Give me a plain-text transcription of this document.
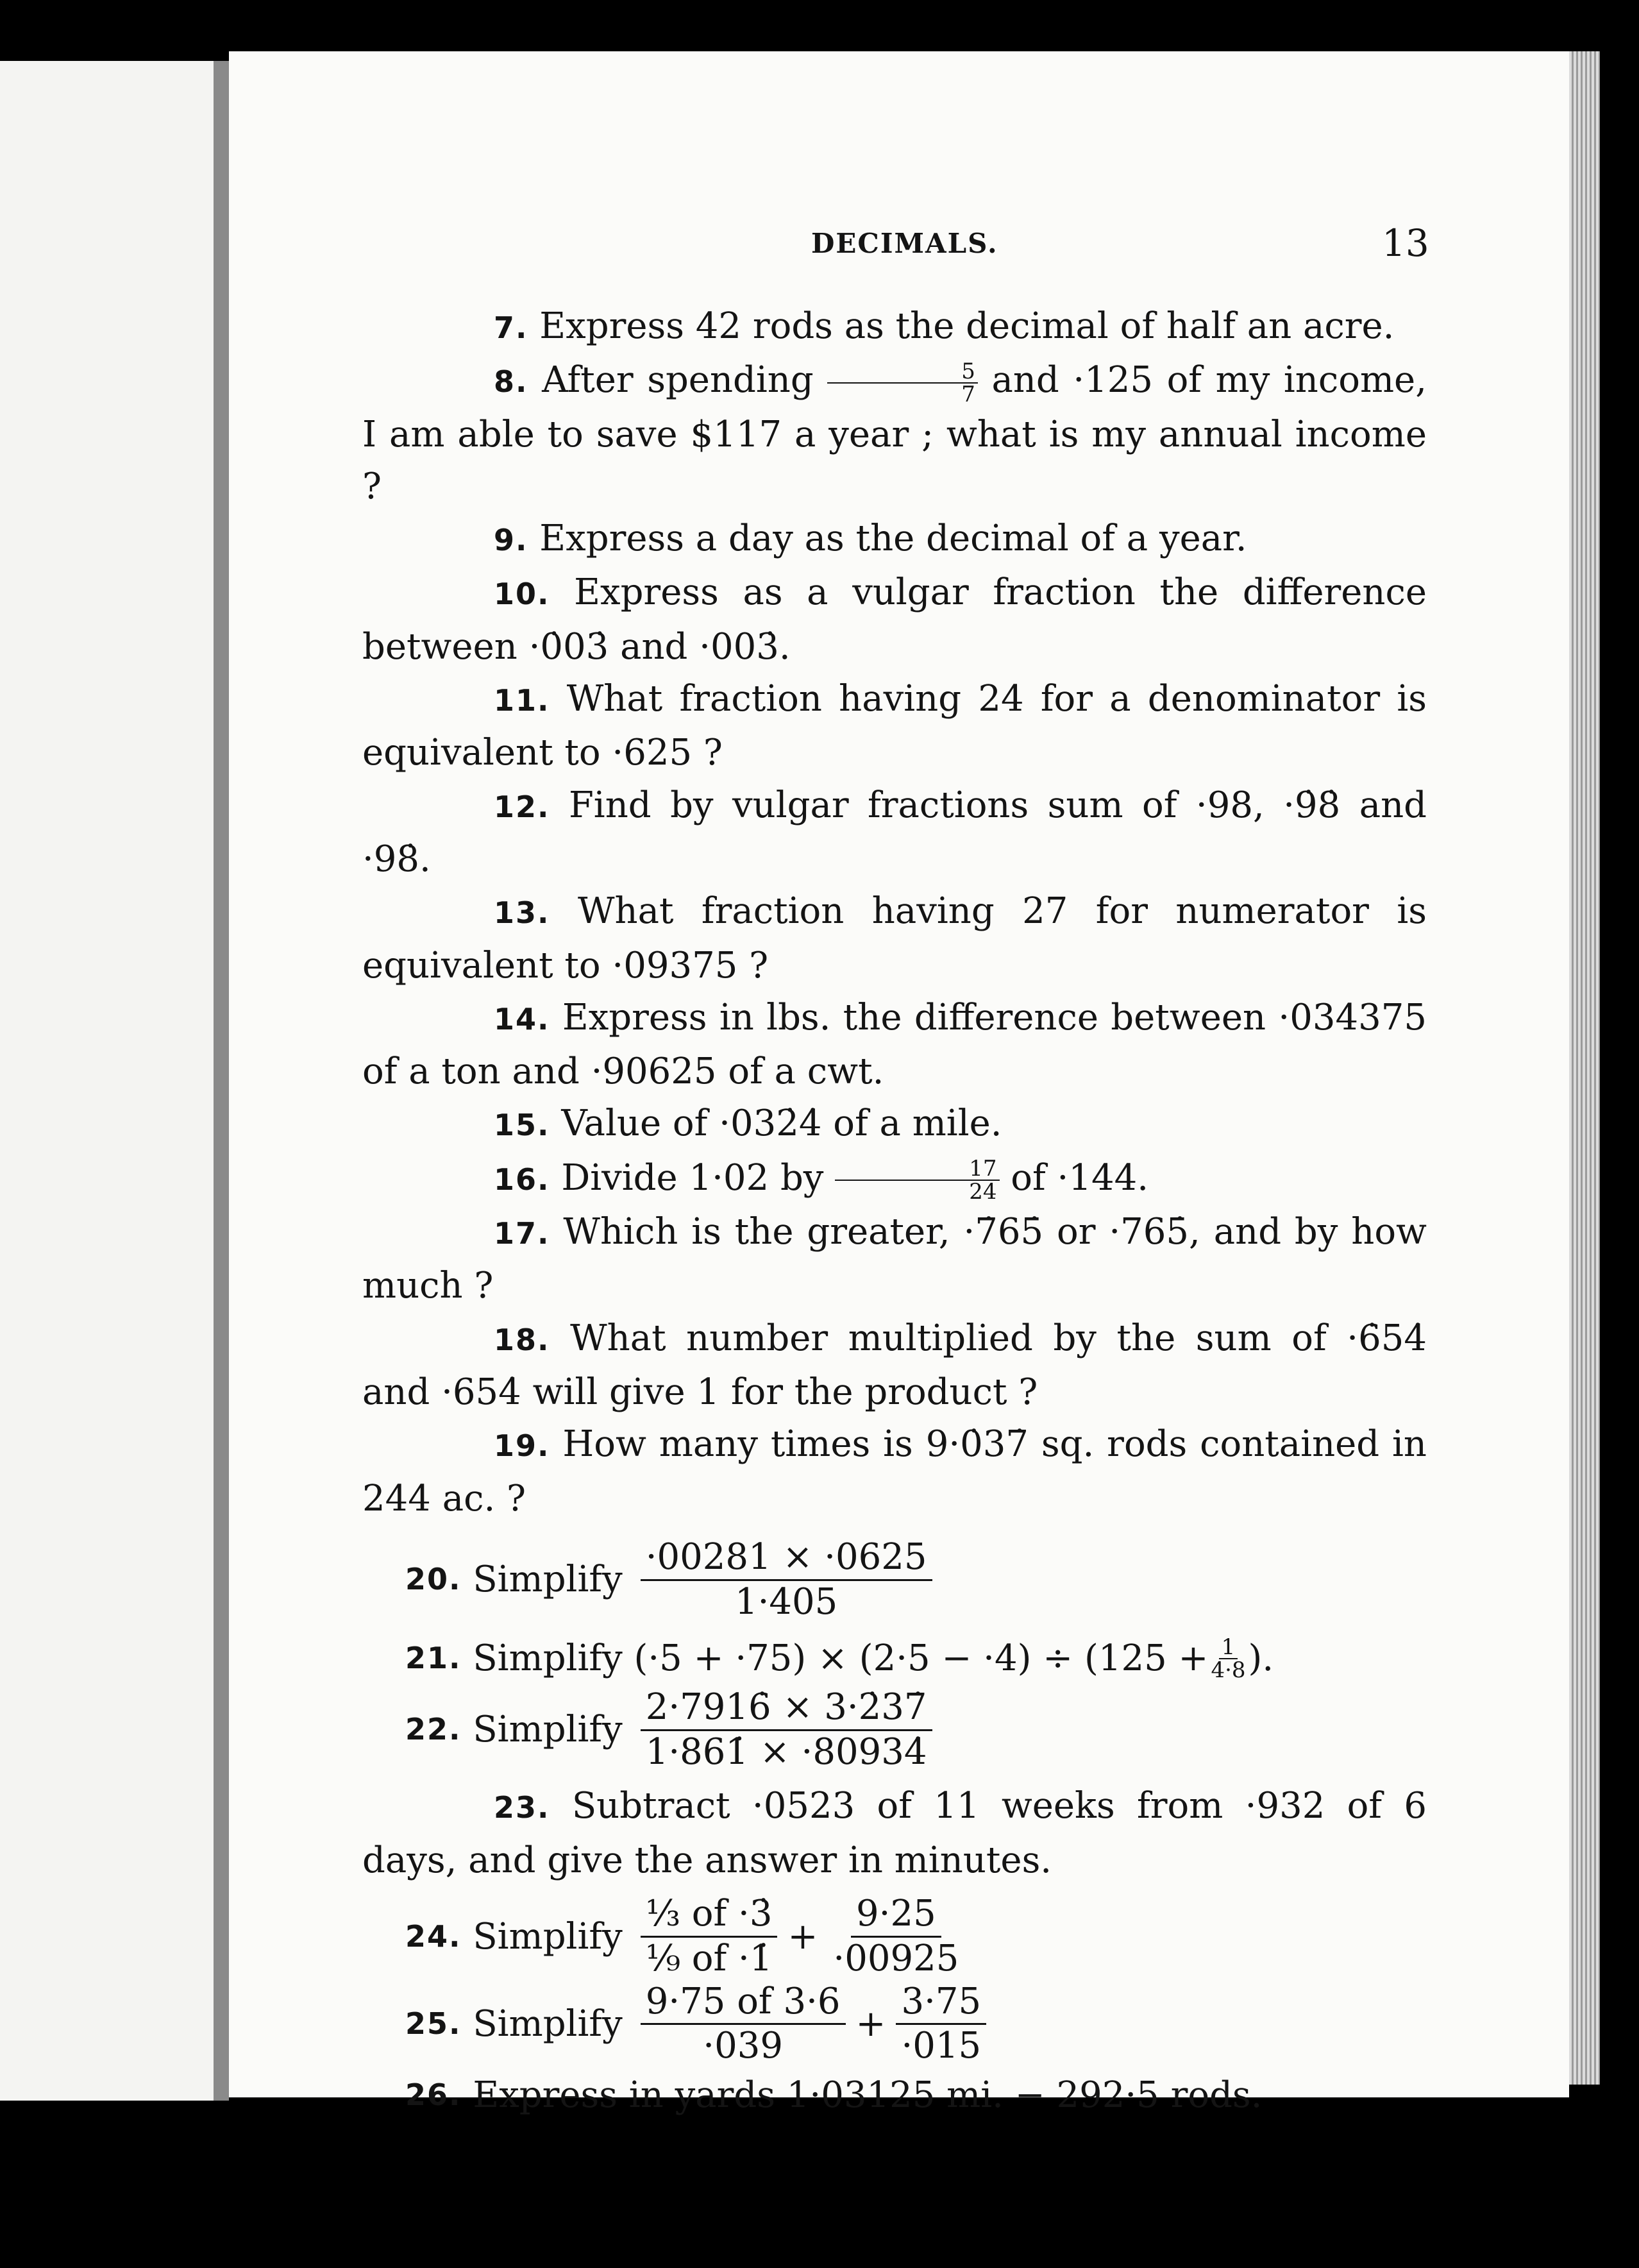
DECIMALS.	13
7. Express 42 rods as the decimal of half an acre.
8. After spending $\frac{5}{7}$ and ·125 of my income, I am able to save $117 a year ; what is my annual income ?
9. Express a day as the decimal of a year.
10. Express as a vulgar fraction the difference between ·0̇03̇ and ·003̇.
11. What fraction having 24 for a denominator is equivalent to ·625 ?
12. Find by vulgar fractions sum of ·98, ·9̇8̇ and ·98̇.
13. What fraction having 27 for numerator is equivalent to ·09375 ?
14. Express in lbs. the difference between ·034375 of a ton and ·90625 of a cwt.
15. Value of ·032̇4̇ of a mile.
16. Divide 1·02 by $\frac{17}{24}$ of ·144.
17. Which is the greater, ·7̇65̇ or ·765̇, and by how much ?
18. What number multiplied by the sum of ·6̇54̇ and ·654̇ will give 1 for the product ?
19. How many times is 9·0̇37̇ sq. rods contained in 244 ac. ?
20.
Simplify $\frac{\cdot 00281 \times \cdot 0625}{1\cdot 405}$
21.
Simplify $(\cdot 5 + \cdot 75) \times (2\cdot 5 - \cdot 4) \div (125 + \frac{1}{4\cdot 8}$ ).
22.
Simplify $\frac{2\cdot 7916̇ \times 3\cdot 2̇37̇}{1\cdot 861̇ \times \cdot 80934̇}$
23. Subtract ·0523 of 11 weeks from ·932 of 6 days, and give the answer in minutes.
24.
Simplify $\frac{\text{⅓ of ·3̇}}{\text{⅑ of ·1̇}} + \frac{9\cdot 25}{\cdot 00925}$
25.
Simplify $\frac{9\cdot 75 of 3\cdot 6}{\cdot 039} + \frac{3\cdot 75}{\cdot 015}$
26.
Express in yards 1·03125 mi. − 292·5 rods.
